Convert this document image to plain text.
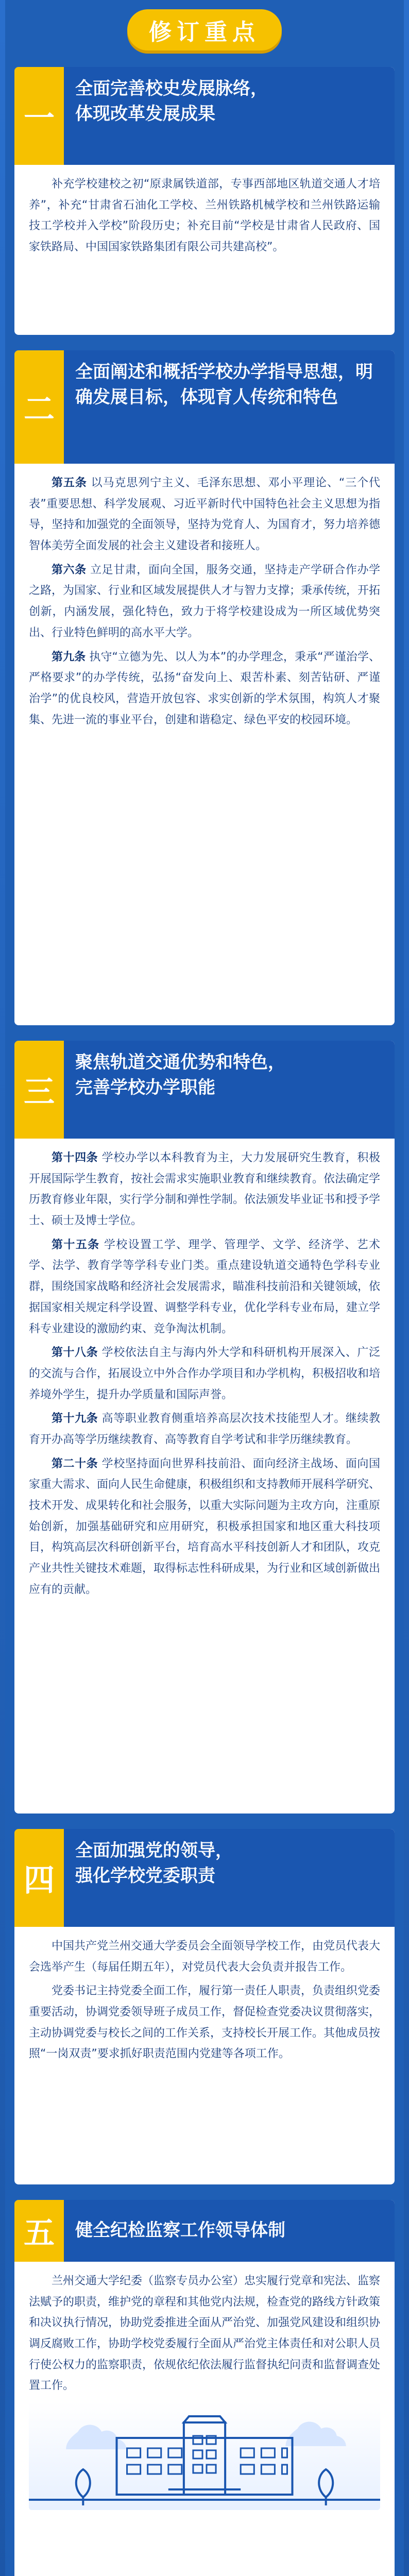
修订重点
一
全面完善校史发展脉络，
体现改革发展成果

补充学校建校之初“原隶属铁道部，专事西部地区轨道交通人才培养”，补充“甘肃省石油化工学校、兰州铁路机械学校和兰州铁路运输技工学校并入学校”阶段历史；补充目前“学校是甘肃省人民政府、国家铁路局、中国国家铁路集团有限公司共建高校”。

二
全面阐述和概括学校办学指导思想，明确发展目标，体现育人传统和特色

第五条 以马克思列宁主义、毛泽东思想、邓小平理论、“三个代表”重要思想、科学发展观、习近平新时代中国特色社会主义思想为指导，坚持和加强党的全面领导，坚持为党育人、为国育才，努力培养德智体美劳全面发展的社会主义建设者和接班人。

第六条 立足甘肃，面向全国，服务交通，坚持走产学研合作办学之路，为国家、行业和区域发展提供人才与智力支撑；秉承传统，开拓创新，内涵发展，强化特色，致力于将学校建设成为一所区域优势突出、行业特色鲜明的高水平大学。

第九条 执守“立德为先、以人为本”的办学理念，秉承“严谨治学、严格要求”的办学传统，弘扬“奋发向上、艰苦朴素、刻苦钻研、严谨治学”的优良校风，营造开放包容、求实创新的学术氛围，构筑人才聚集、先进一流的事业平台，创建和谐稳定、绿色平安的校园环境。

三
聚焦轨道交通优势和特色，
完善学校办学职能

第十四条 学校办学以本科教育为主，大力发展研究生教育，积极开展国际学生教育，按社会需求实施职业教育和继续教育。依法确定学历教育修业年限，实行学分制和弹性学制。依法颁发毕业证书和授予学士、硕士及博士学位。

第十五条 学校设置工学、理学、管理学、文学、经济学、艺术学、法学、教育学等学科专业门类。重点建设轨道交通特色学科专业群，围绕国家战略和经济社会发展需求，瞄准科技前沿和关键领域，依据国家相关规定科学设置、调整学科专业，优化学科专业布局，建立学科专业建设的激励约束、竞争淘汰机制。

第十八条 学校依法自主与海内外大学和科研机构开展深入、广泛的交流与合作，拓展设立中外合作办学项目和办学机构，积极招收和培养境外学生，提升办学质量和国际声誉。

第十九条 高等职业教育侧重培养高层次技术技能型人才。继续教育开办高等学历继续教育、高等教育自学考试和非学历继续教育。

第二十条 学校坚持面向世界科技前沿、面向经济主战场、面向国家重大需求、面向人民生命健康，积极组织和支持教师开展科学研究、技术开发、成果转化和社会服务，以重大实际问题为主攻方向，注重原始创新，加强基础研究和应用研究，积极承担国家和地区重大科技项目，构筑高层次科研创新平台，培育高水平科技创新人才和团队，攻克产业共性关键技术难题，取得标志性科研成果，为行业和区域创新做出应有的贡献。

四
全面加强党的领导，
强化学校党委职责

中国共产党兰州交通大学委员会全面领导学校工作，由党员代表大会选举产生（每届任期五年），对党员代表大会负责并报告工作。

党委书记主持党委全面工作，履行第一责任人职责，负责组织党委重要活动，协调党委领导班子成员工作，督促检查党委决议贯彻落实，主动协调党委与校长之间的工作关系，支持校长开展工作。其他成员按照“一岗双责”要求抓好职责范围内党建等各项工作。

五	健全纪检监察工作领导体制

兰州交通大学纪委（监察专员办公室）忠实履行党章和宪法、监察法赋予的职责，维护党的章程和其他党内法规，检查党的路线方针政策和决议执行情况，协助党委推进全面从严治党、加强党风建设和组织协调反腐败工作，协助学校党委履行全面从严治党主体责任和对公职人员行使公权力的监察职责，依规依纪依法履行监督执纪问责和监督调查处置工作。
